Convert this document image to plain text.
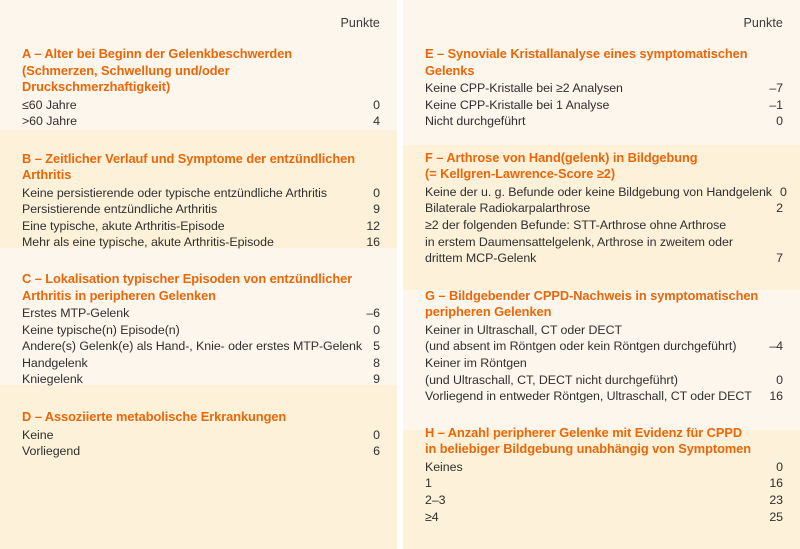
Punkte
A – Alter bei Beginn der Gelenkbeschwerden
(Schmerzen, Schwellung und/oder Druckschmerzhaftigkeit)
≤60 Jahre	0
>60 Jahre	4
B – Zeitlicher Verlauf und Symptome der entzündlichen
Arthritis
Keine persistierende oder typische entzündliche Arthritis	0
Persistierende entzündliche Arthritis	9
Eine typische, akute Arthritis-Episode	12
Mehr als eine typische, akute Arthritis-Episode	16
C – Lokalisation typischer Episoden von entzündlicher
Arthritis in peripheren Gelenken
Erstes MTP-Gelenk	–6
Keine typische(n) Episode(n)	0
Andere(s) Gelenk(e) als Hand-, Knie- oder erstes MTP-Gelenk 5
Handgelenk	8
Kniegelenk	9
D – Assoziierte metabolische Erkrankungen
Keine	0
Vorliegend	6
Punkte
E – Synoviale Kristallanalyse eines symptomatischen
Gelenks
Keine CPP-Kristalle bei ≥2 Analysen	–7
Keine CPP-Kristalle bei 1 Analyse	–1
Nicht durchgeführt	0
F – Arthrose von Hand(gelenk) in Bildgebung
(= Kellgren-Lawrence-Score ≥2)
Keine der u. g. Befunde oder keine Bildgebung von Handgelenk 0
Bilaterale Radiokarpalarthrose	2
≥2 der folgenden Befunde: STT-Arthrose ohne Arthrose
in erstem Daumensattelgelenk, Arthrose in zweitem oder
drittem MCP-Gelenk	7
G – Bildgebender CPPD-Nachweis in symptomatischen
peripheren Gelenken
Keiner in Ultraschall, CT oder DECT
(und absent im Röntgen oder kein Röntgen durchgeführt)	–4
Keiner im Röntgen
(und Ultraschall, CT, DECT nicht durchgeführt)	0
Vorliegend in entweder Röntgen, Ultraschall, CT oder DECT	16
H – Anzahl peripherer Gelenke mit Evidenz für CPPD
in beliebiger Bildgebung unabhängig von Symptomen
Keines	0
1	16
2–3	23
≥4	25
